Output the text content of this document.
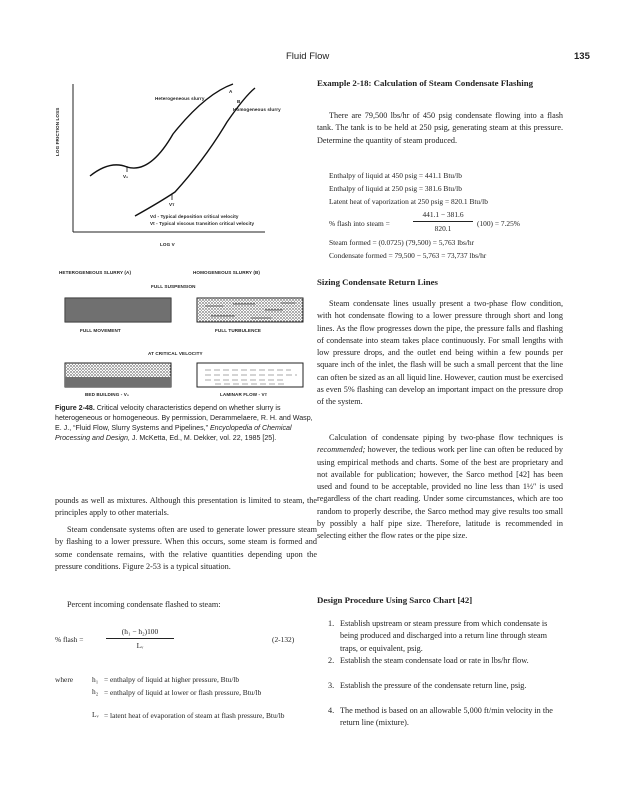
Fluid Flow	135
LOG FRICTION LOSS
LOG V
A
B
Heterogeneous slurry
Homogeneous slurry
V₀
Vᴛ
Vd - Typical deposition critical velocity
Vt - Typical viscous transition critical velocity
HETEROGENEOUS SLURRY (A)	HOMOGENEOUS SLURRY (B)
FULL SUSPENSION
FULL MOVEMENT	FULL TURBULENCE
AT CRITICAL VELOCITY
BED BUILDING - V₀	LAMINAR FLOW - Vᴛ
Figure 2-48. Critical velocity characteristics depend on whether slurry is heterogeneous or homogeneous. By permission, Derammelaere, R. H. and Wasp, E. J., “Fluid Flow, Slurry Systems and Pipelines,” Encyclopedia of Chemical Processing and Design, J. McKetta, Ed., M. Dekker, vol. 22, 1985 [25].
pounds as well as mixtures. Although this presentation is limited to steam, the principles apply to other materials.
Steam condensate systems often are used to generate lower pressure steam by flashing to a lower pressure. When this occurs, some steam is formed and some condensate remains, with the relative quantities depending upon the pressure conditions. Figure 2-53 is a typical situation.
Percent incoming condensate flashed to steam:
% flash =
(h₁ − h₂)100
Lᵥ
(2-132)
where	h₁ = enthalpy of liquid at higher pressure, Btu/lb
h₂ = enthalpy of liquid at lower or flash pressure, Btu/lb
Lᵥ = latent heat of evaporation of steam at flash pressure, Btu/lb
Example 2-18: Calculation of Steam Condensate Flashing
There are 79,500 lbs/hr of 450 psig condensate flowing into a flash tank. The tank is to be held at 250 psig, generating steam at this pressure. Determine the quantity of steam produced.
Enthalpy of liquid at 450 psig = 441.1 Btu/lb
Enthalpy of liquid at 250 psig = 381.6 Btu/lb
Latent heat of vaporization at 250 psig = 820.1 Btu/lb
% flash into steam =
441.1 − 381.6
820.1
(100) = 7.25%
Steam formed = (0.0725) (79,500) = 5,763 lbs/hr
Condensate formed = 79,500 − 5,763 = 73,737 lbs/hr
Sizing Condensate Return Lines
Steam condensate lines usually present a two-phase flow condition, with hot condensate flowing to a lower pressure through short and long lines. As the flow progresses down the pipe, the pressure falls and flashing of condensate into steam takes place continuously. For small lengths with low pressure drops, and the outlet end being within a few pounds per square inch of the inlet, the flash will be such a small percent that the line can often be sized as an all liquid line. However, caution must be exercised as even 5% flashing can develop an important impact on the pressure drop of the system.
Calculation of condensate piping by two-phase flow techniques is recommended; however, the tedious work per line can often be reduced by using empirical methods and charts. Some of the best are proprietary and not available for publication; however, the Sarco method [42] has been used and found to be acceptable, provided no line less than 1½″ is used regardless of the chart reading. Under some circumstances, which are too random to properly describe, the Sarco method may give results too small by possibly a half pipe size. Therefore, latitude is recommended in selecting either the flow rates or the pipe size.
Design Procedure Using Sarco Chart [42]
1. Establish upstream or steam pressure from which condensate is being produced and discharged into a return line through steam traps, or equivalent, psig.
2. Establish the steam condensate load or rate in lbs/hr flow.
3. Establish the pressure of the condensate return line, psig.
4. The method is based on an allowable 5,000 ft/min velocity in the return line (mixture).
